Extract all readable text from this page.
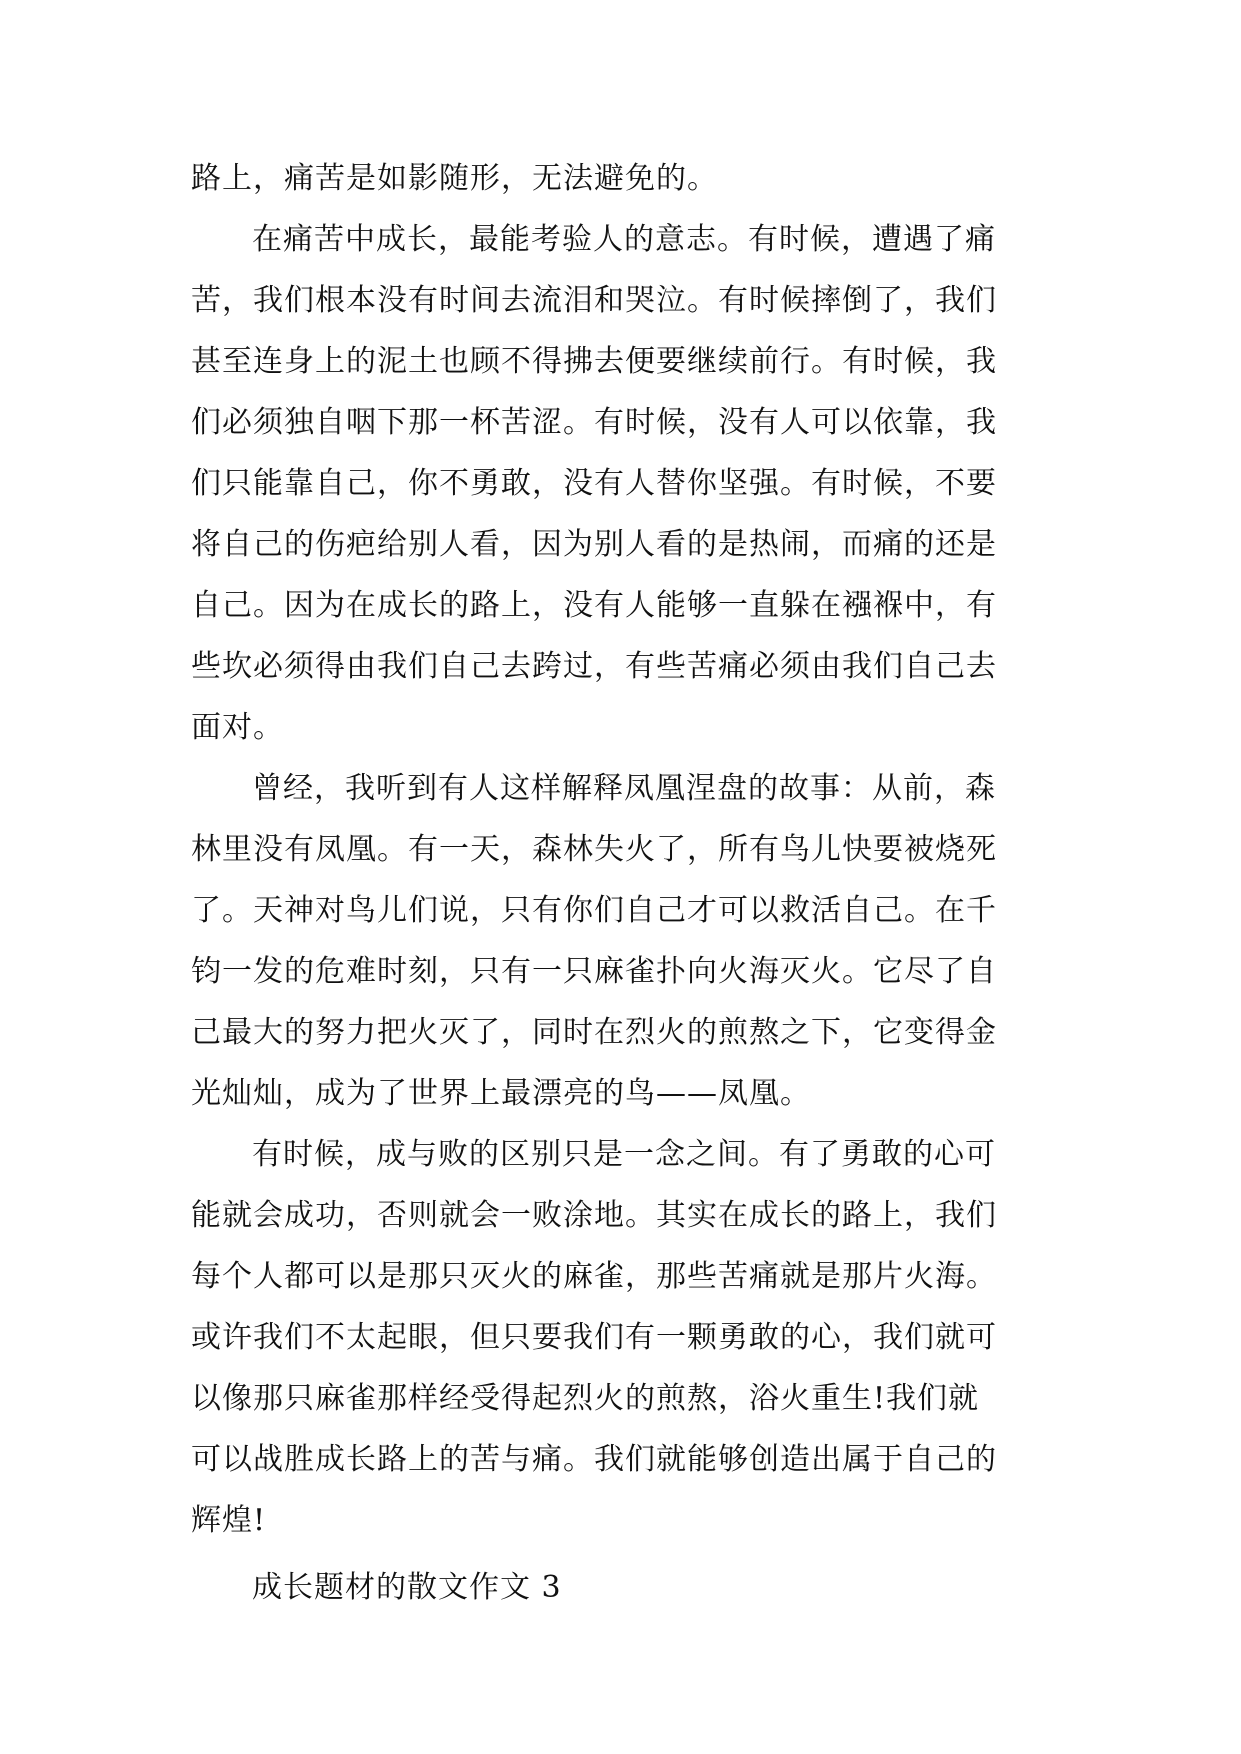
路上，痛苦是如影随形，无法避免的。
在痛苦中成长，最能考验人的意志。有时候，遭遇了痛
苦，我们根本没有时间去流泪和哭泣。有时候摔倒了，我们
甚至连身上的泥土也顾不得拂去便要继续前行。有时候，我
们必须独自咽下那一杯苦涩。有时候，没有人可以依靠，我
们只能靠自己，你不勇敢，没有人替你坚强。有时候，不要
将自己的伤疤给别人看，因为别人看的是热闹，而痛的还是
自己。因为在成长的路上，没有人能够一直躲在襁褓中，有
些坎必须得由我们自己去跨过，有些苦痛必须由我们自己去
面对。
曾经，我听到有人这样解释凤凰涅盘的故事：从前，森
林里没有凤凰。有一天，森林失火了，所有鸟儿快要被烧死
了。天神对鸟儿们说，只有你们自己才可以救活自己。在千
钧一发的危难时刻，只有一只麻雀扑向火海灭火。它尽了自
己最大的努力把火灭了，同时在烈火的煎熬之下，它变得金
光灿灿，成为了世界上最漂亮的鸟——凤凰。
有时候，成与败的区别只是一念之间。有了勇敢的心可
能就会成功，否则就会一败涂地。其实在成长的路上，我们
每个人都可以是那只灭火的麻雀，那些苦痛就是那片火海。
或许我们不太起眼，但只要我们有一颗勇敢的心，我们就可
以像那只麻雀那样经受得起烈火的煎熬，浴火重生!我们就
可以战胜成长路上的苦与痛。我们就能够创造出属于自己的
辉煌!
成长题材的散文作文 3
